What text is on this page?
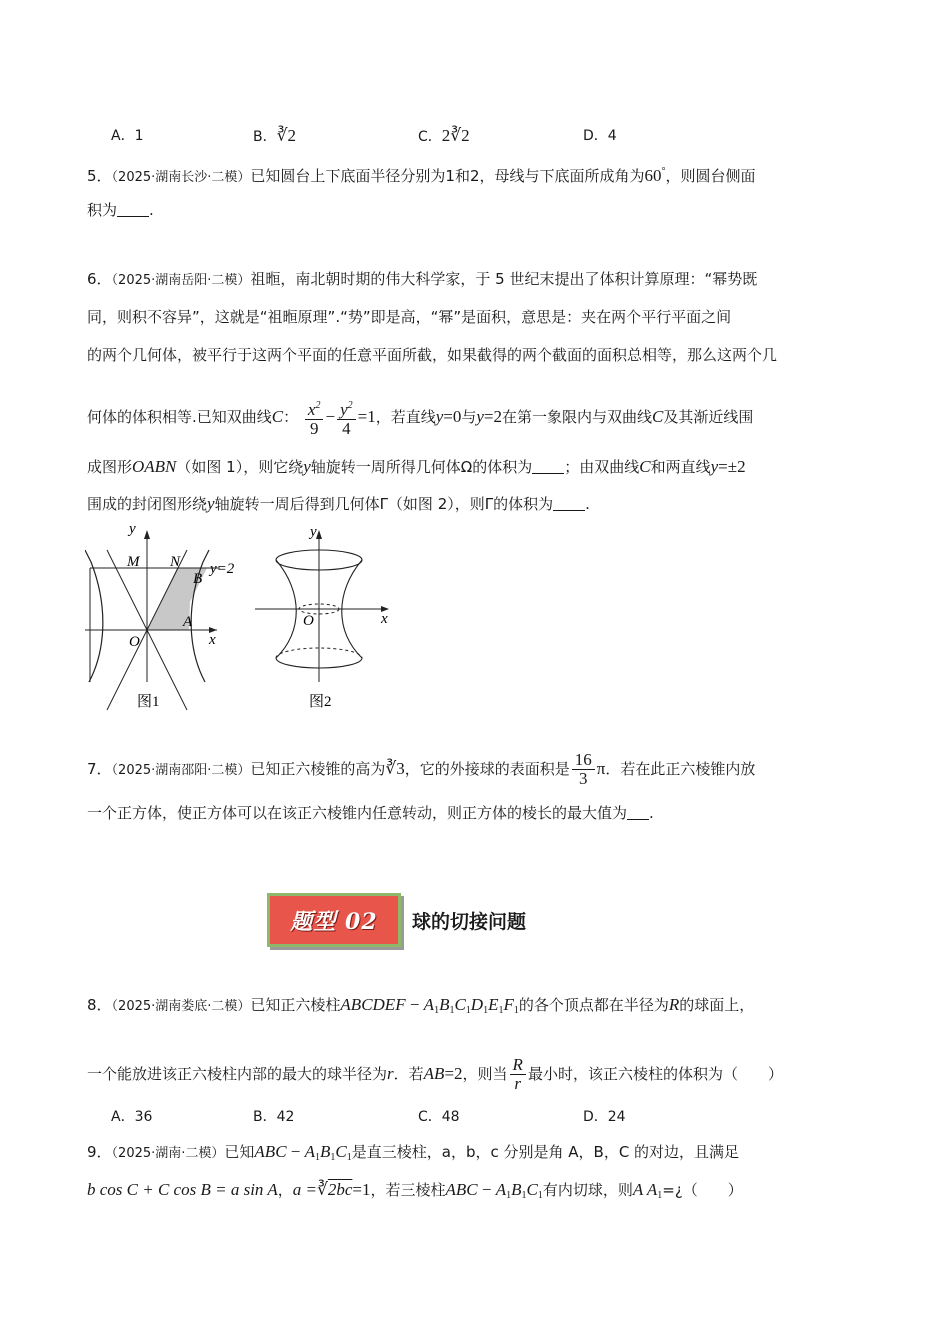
A．1	B．∛2	C．2∛2	D．4
5．（2025·湖南长沙·二模）已知圆台上下底面半径分别为1和2，母线与下底面所成角为60°，则圆台侧面
积为 .
6．（2025·湖南岳阳·二模）祖暅，南北朝时期的伟大科学家，于 5 世纪末提出了体积计算原理：“幂势既
同，则积不容异”，这就是“祖暅原理”.“势”即是高，“幂”是面积，意思是：夹在两个平行平面之间
的两个几何体，被平行于这两个平面的任意平面所截，如果截得的两个截面的面积总相等，那么这两个几
何体的体积相等.已知双曲线C： $\frac{x^2}{9} - \frac{y^2}{4} =1$，若直线y=0与y=2在第一象限内与双曲线C及其渐近线围
成图形OABN（如图 1），则它绕y轴旋转一周所得几何体Ω的体积为 ；由双曲线C和两直线y=±2
围成的封闭图形绕y轴旋转一周后得到几何体Γ（如图 2），则Γ的体积为 .
y
M N
B
y=2
A
O	x
图1
y
O	x
图2
7．（2025·湖南邵阳·二模）已知正六棱锥的高为∛3，它的外接球的表面积是 $\frac{16}{3}$ π．若在此正六棱锥内放
一个正方体，使正方体可以在该正六棱锥内任意转动，则正方体的棱长的最大值为 .
题型 02 球的切接问题
8．（2025·湖南娄底·二模）已知正六棱柱ABCDEF − $A_1B_1C_1D_1E_1F_1$的各个顶点都在半径为R的球面上，
一个能放进该正六棱柱内部的最大的球半径为r．若AB=2，则当 $\frac{R}{r}$ 最小时，该正六棱柱的体积为（　　）
A．36	B．42	C．48	D．24
9．（2025·湖南·二模）已知ABC − $A_1B_1C_1$是直三棱柱，a，b，c 分别是角 A，B，C 的对边，且满足
b cos C + C cos B = a sin A，a =∛2bc=1，若三棱柱ABC − $A_1B_1C_1$有内切球，则A $A_1=¿$（　　）
